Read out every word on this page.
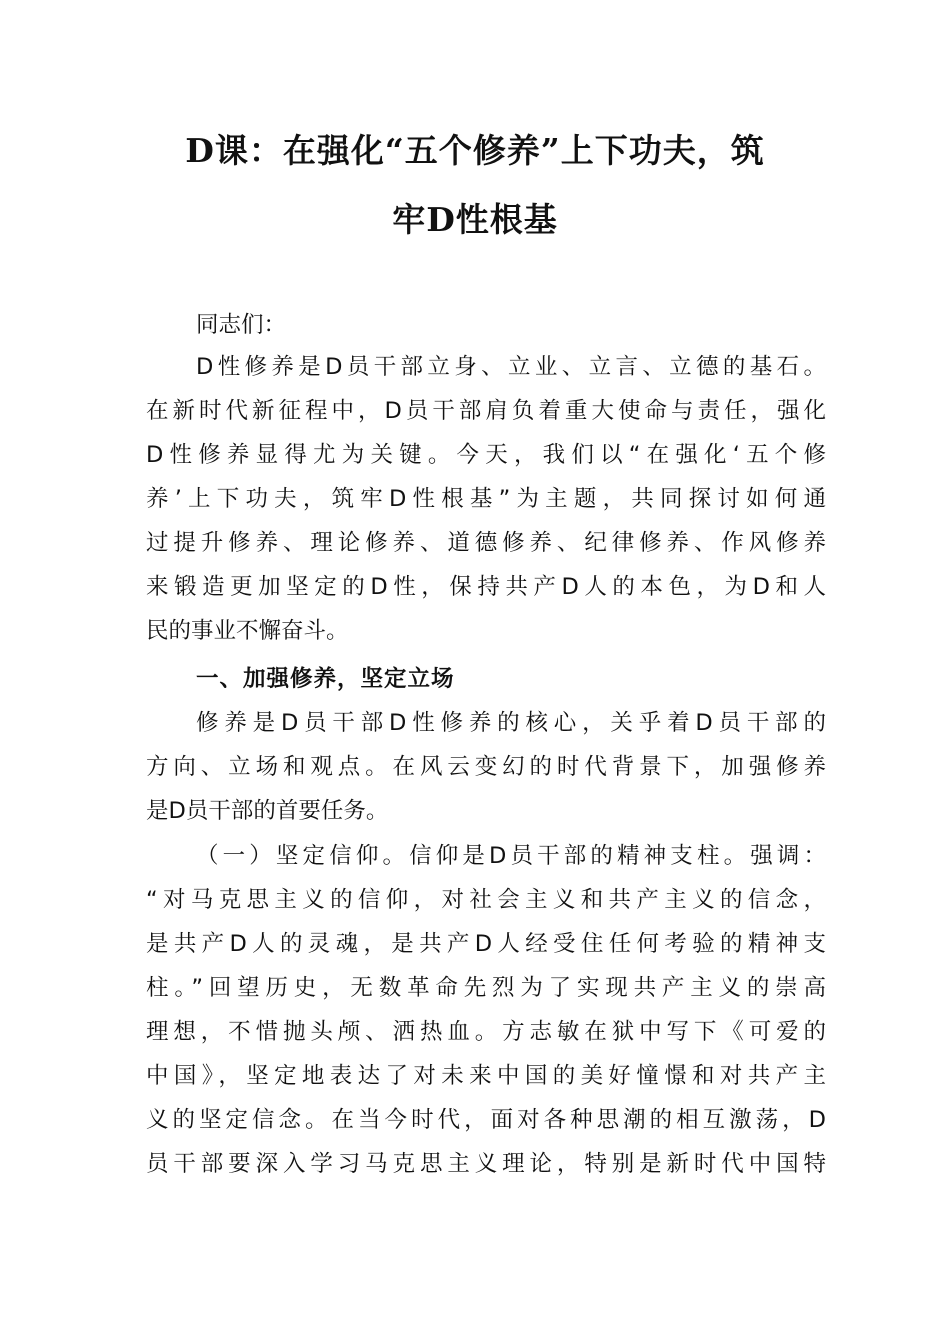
D课：在强化“五个修养”上下功夫，筑
牢D性根基
同志们：
D性修养是D员干部立身、立业、立言、立德的基石。
在新时代新征程中，D员干部肩负着重大使命与责任，强化
D性修养显得尤为关键。今天，我们以“在强化‘五个修
养’上下功夫，筑牢D性根基”为主题，共同探讨如何通
过提升修养、理论修养、道德修养、纪律修养、作风修养
来锻造更加坚定的D性，保持共产D人的本色，为D和人
民的事业不懈奋斗。
一、加强修养，坚定立场
修养是D员干部D性修养的核心，关乎着D员干部的
方向、立场和观点。在风云变幻的时代背景下，加强修养
是D员干部的首要任务。
（一）坚定信仰。信仰是D员干部的精神支柱。强调：
“对马克思主义的信仰，对社会主义和共产主义的信念，
是共产D人的灵魂，是共产D人经受住任何考验的精神支
柱。”回望历史，无数革命先烈为了实现共产主义的崇高
理想，不惜抛头颅、洒热血。方志敏在狱中写下《可爱的
中国》，坚定地表达了对未来中国的美好憧憬和对共产主
义的坚定信念。在当今时代，面对各种思潮的相互激荡，D
员干部要深入学习马克思主义理论，特别是新时代中国特
